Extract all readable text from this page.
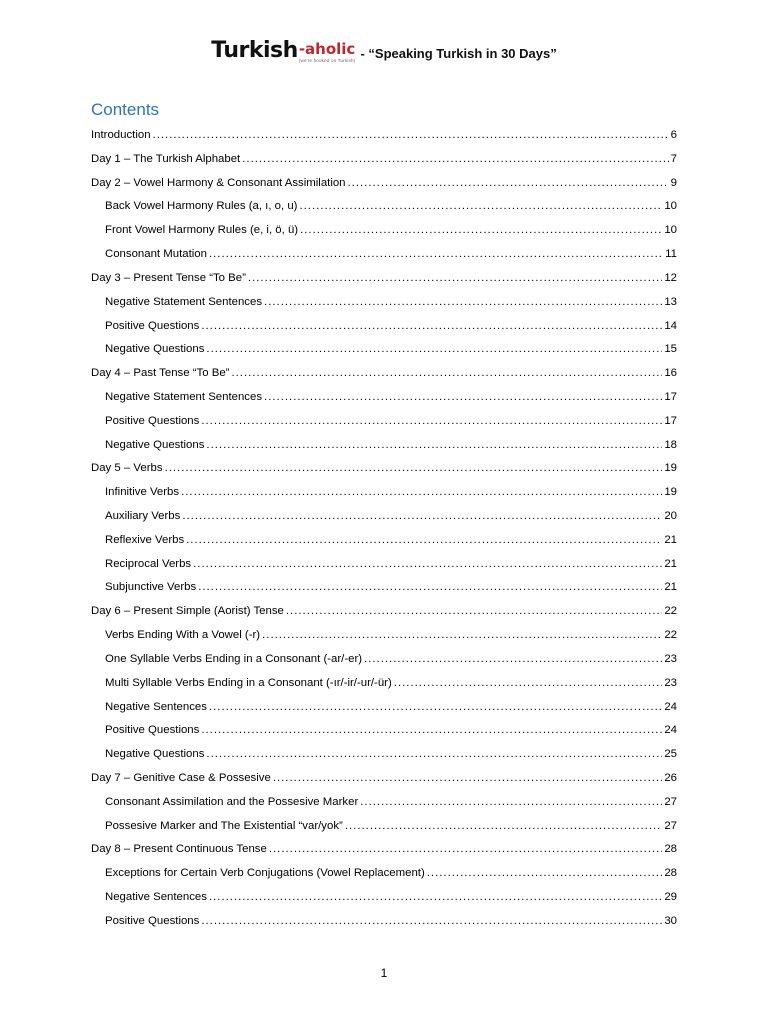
Turkish -aholic
(we're hooked on Turkish) - “Speaking Turkish in 30 Days”
Contents
Introduction .....	6
Day 1 – The Turkish Alphabet .....	7
Day 2 – Vowel Harmony & Consonant Assimilation .....	9
Back Vowel Harmony Rules (a, ı, o, u) .....	10
Front Vowel Harmony Rules (e, i, ö, ü) .....	10
Consonant Mutation .....	11
Day 3 – Present Tense “To Be” .....	12
Negative Statement Sentences .....	13
Positive Questions .....	14
Negative Questions .....	15
Day 4 – Past Tense “To Be” .....	16
Negative Statement Sentences .....	17
Positive Questions .....	17
Negative Questions .....	18
Day 5 – Verbs .....	19
Infinitive Verbs .....	19
Auxiliary Verbs .....	20
Reflexive Verbs .....	21
Reciprocal Verbs .....	21
Subjunctive Verbs .....	21
Day 6 – Present Simple (Aorist) Tense .....	22
Verbs Ending With a Vowel (-r) .....	22
One Syllable Verbs Ending in a Consonant (-ar/-er) .....	23
Multi Syllable Verbs Ending in a Consonant (-ır/-ir/-ur/-ür) .....	23
Negative Sentences .....	24
Positive Questions .....	24
Negative Questions .....	25
Day 7 – Genitive Case & Possesive .....	26
Consonant Assimilation and the Possesive Marker .....	27
Possesive Marker and The Existential “var/yok” .....	27
Day 8 – Present Continuous Tense .....	28
Exceptions for Certain Verb Conjugations (Vowel Replacement) .....	28
Negative Sentences .....	29
Positive Questions .....	30
1
